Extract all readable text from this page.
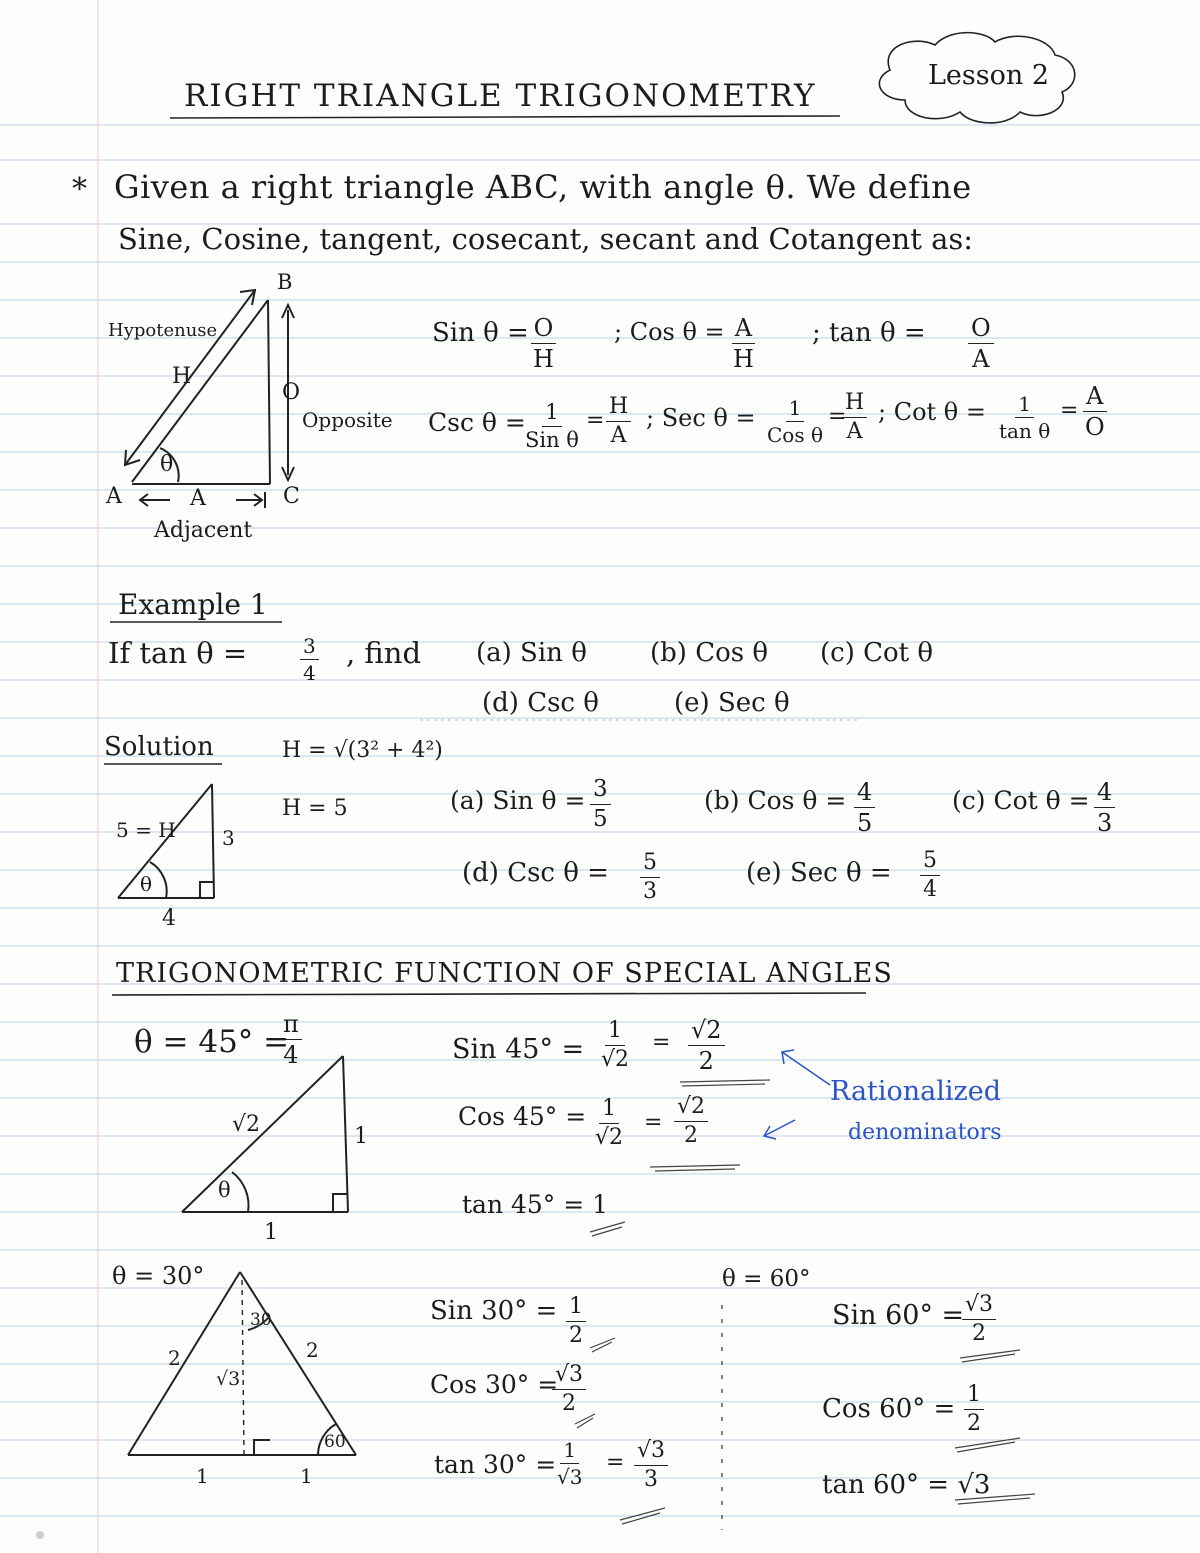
RIGHT TRIANGLE TRIGONOMETRY
Lesson 2
* Given a right triangle ABC, with angle θ. We define
Sine, Cosine, tangent, cosecant, secant and Cotangent as:
B
A	C
Hypotenuse
H
O
Opposite
θ
A
Adjacent
Sin $\theta = \frac{O}{H}$ ; Cos $\theta = \frac{A}{H}$ ; $\tan \theta = \frac{O}{A}$
Csc θ = 1
Sin θ
=
H
A
; Sec θ = 1
Cos θ
=
H
A
; Cot $\theta = \frac{1}{\text{tan θ}}$ =
A
O
Example 1
If tan θ =	$\frac{3}{4}$ , find (a) Sin θ (b) Cos θ (c) Cot θ
(d) Csc θ	(e) Sec θ
Solution	H = √(3² + 4²)
H = 5
5 = H 3
θ
4
(a) Sin $\theta = \frac{3}{5}$	(b) Cos $\theta = \frac{4}{5}$	(c) Cot $\theta = \frac{4}{3}$
(d) Csc $\theta = \frac{5}{3}$	(e) Sec $\theta = \frac{5}{4}$
TRIGONOMETRIC FUNCTION OF SPECIAL ANGLES
θ = 45° =
π
4
√2	1
θ
1
Sin $45^\circ = \frac{1}{√2} = √2$
2
Cos $45^\circ = \frac{1}{√2}$ =
√2
2
tan 45° = 1
Rationalized
denominators
θ = 30°
30
2	2
√3
60
1	1
Sin $30^\circ = \frac{1}{2}$
Cos 30° =
$\frac{√3}{2}$
tan 30° =
$\frac{1}{√3} = √3$
3
θ = 60°
Sin 60° =
$\frac{√3}{2}$
Cos $60^\circ = \frac{1}{2}$
tan 60° = √3
